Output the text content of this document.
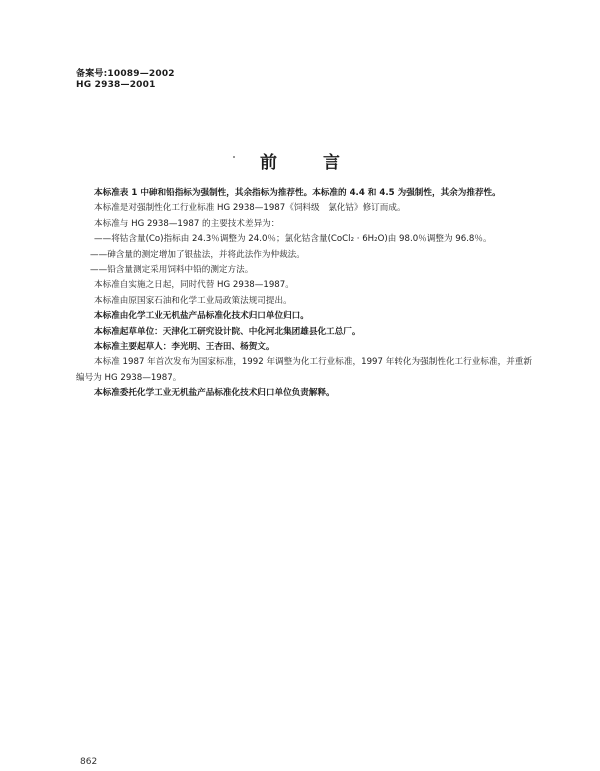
备案号:10089—2002
HG 2938—2001
前言

本标准表 1 中砷和铅指标为强制性，其余指标为推荐性。本标准的 4.4 和 4.5 为强制性，其余为推荐性。

本标准是对强制性化工行业标准 HG 2938—1987《饲料级　氯化钴》修订而成。

本标准与 HG 2938—1987 的主要技术差异为：

——将钴含量(Co)指标由 24.3％调整为 24.0％；氯化钴含量(CoCl₂ · 6H₂O)由 98.0％调整为 96.8％。

——砷含量的测定增加了银盐法，并将此法作为仲裁法。

——铅含量测定采用饲料中铅的测定方法。

本标准自实施之日起，同时代替 HG 2938—1987。

本标准由原国家石油和化学工业局政策法规司提出。

本标准由化学工业无机盐产品标准化技术归口单位归口。

本标准起草单位：天津化工研究设计院、中化河北集团雄县化工总厂。

本标准主要起草人：李光明、王杏田、杨贺文。

本标准 1987 年首次发布为国家标准，1992 年调整为化工行业标准，1997 年转化为强制性化工行业标准，并重新编号为 HG 2938—1987。

本标准委托化学工业无机盐产品标准化技术归口单位负责解释。

862
